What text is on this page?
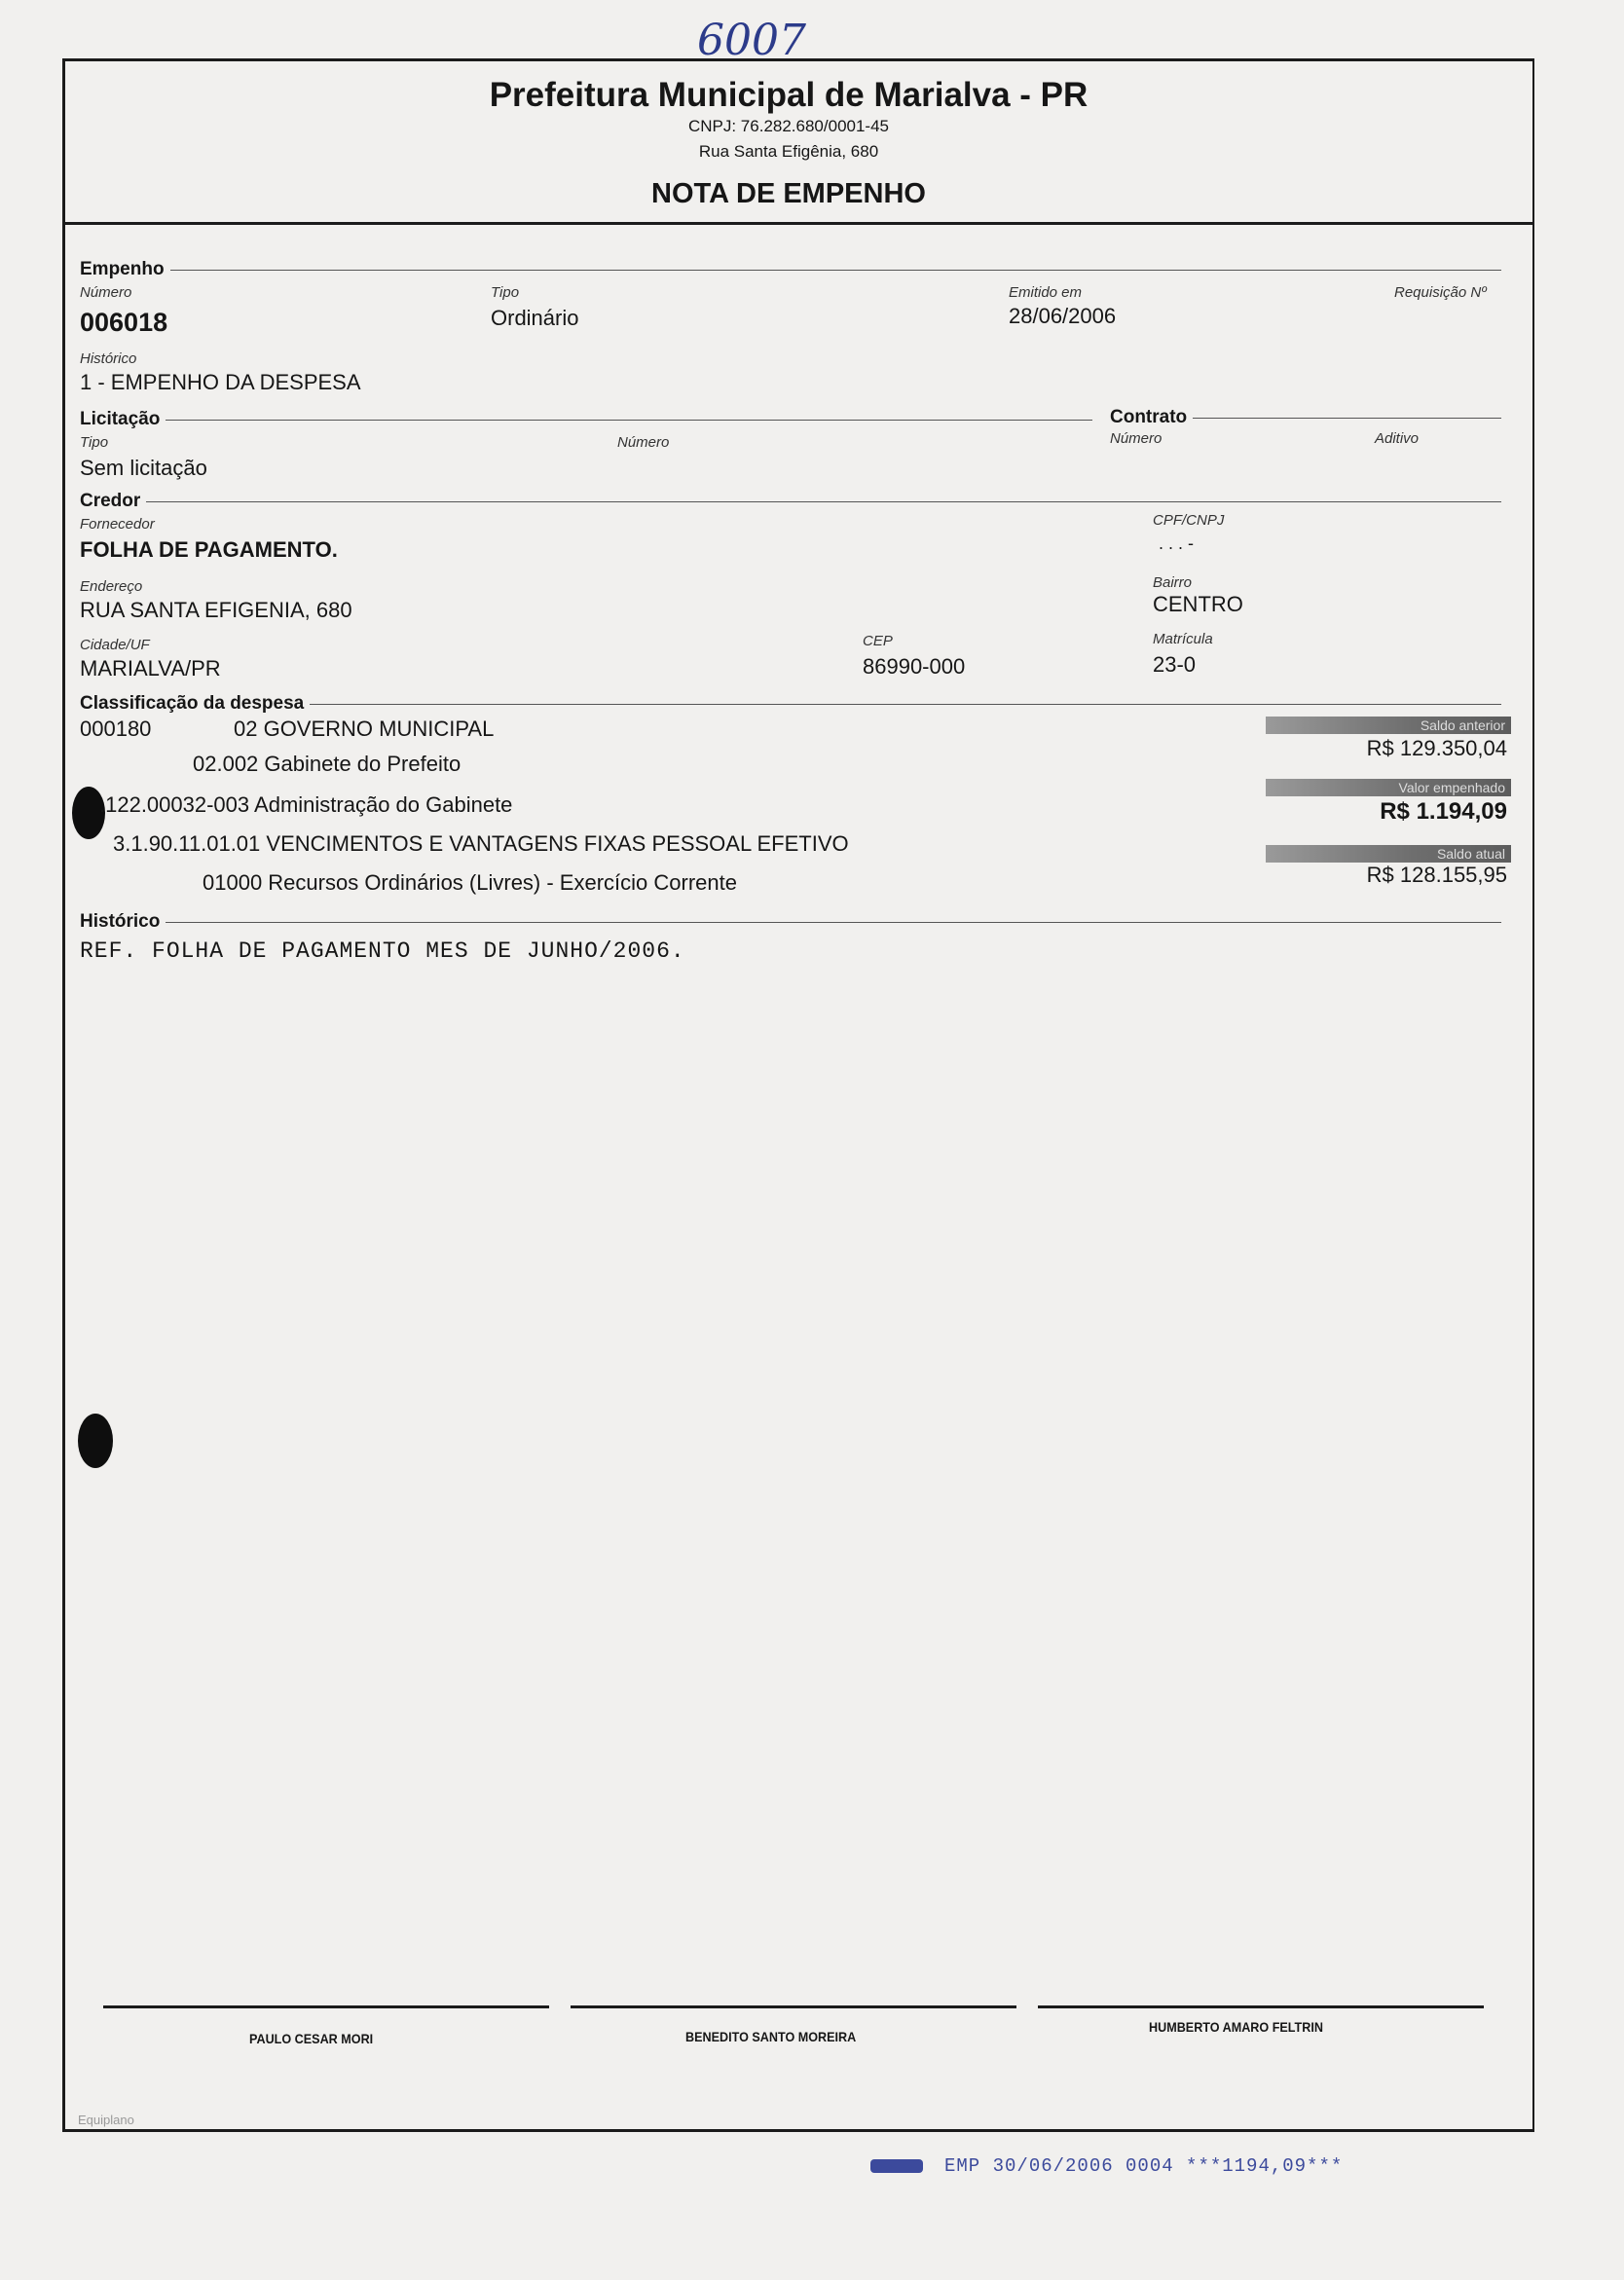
6007
Prefeitura Municipal de Marialva - PR
CNPJ: 76.282.680/0001-45
Rua Santa Efigênia, 680
NOTA DE EMPENHO
Empenho
Número
006018
Tipo
Ordinário
Emitido em
28/06/2006
Requisição Nº
Histórico
1 - EMPENHO DA DESPESA
Licitação	Contrato
Tipo
Sem licitação
Número	Número	Aditivo
Credor
Fornecedor
FOLHA DE PAGAMENTO.
CPF/CNPJ
. . . -
Endereço
RUA SANTA EFIGENIA, 680
Bairro
CENTRO
Cidade/UF
MARIALVA/PR
CEP
86990-000
Matrícula
23-0
Classificação da despesa
000180	02 GOVERNO MUNICIPAL
02.002 Gabinete do Prefeito
.122.00032-003 Administração do Gabinete
3.1.90.11.01.01 VENCIMENTOS E VANTAGENS FIXAS PESSOAL EFETIVO
01000 Recursos Ordinários (Livres) - Exercício Corrente
Saldo anterior
R$ 129.350,04
Valor empenhado
R$ 1.194,09
Saldo atual
R$ 128.155,95
Histórico
REF. FOLHA DE PAGAMENTO MES DE JUNHO/2006.
PAULO CESAR MORI	BENEDITO SANTO MOREIRA
HUMBERTO AMARO FELTRIN
Equiplano
EMP 30/06/2006 0004 ***1194,09***
